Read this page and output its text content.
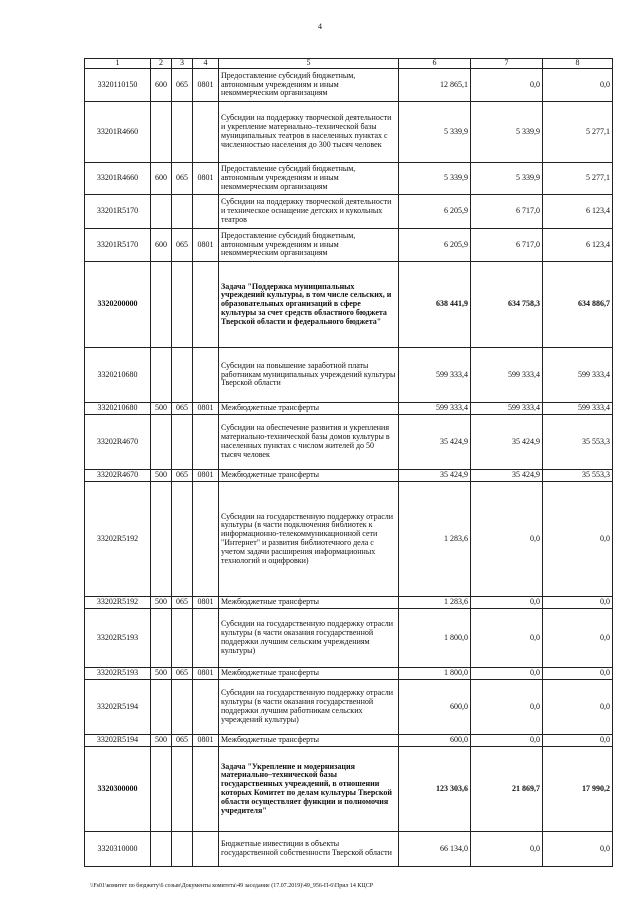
4
1	2	3	4	5	6	7	8
3320110150	600	065	0801	Предоставление субсидий бюджетным, автономным учреждениям и иным некоммерческим организациям	12 865,1	0,0	0,0
33201R4660				Субсидии на поддержку творческой деятельности и укрепление материально–технической базы муниципальных театров в населенных пунктах с численностью населения до 300 тысяч человек	5 339,9	5 339,9	5 277,1
33201R4660	600	065	0801	Предоставление субсидий бюджетным, автономным учреждениям и иным некоммерческим организациям	5 339,9	5 339,9	5 277,1
33201R5170				Субсидии на поддержку творческой деятельности и техническое оснащение детских и кукольных театров	6 205,9	6 717,0	6 123,4
33201R5170	600	065	0801	Предоставление субсидий бюджетным, автономным учреждениям и иным некоммерческим организациям	6 205,9	6 717,0	6 123,4
3320200000				Задача "Поддержка муниципальных учреждений культуры, в том числе сельских, и образовательных организаций в сфере культуры за счет средств областного бюджета Тверской области и федерального бюджета"	638 441,9	634 758,3	634 886,7
3320210680				Субсидии на повышение заработной платы работникам муниципальных учреждений культуры Тверской области	599 333,4	599 333,4	599 333,4
3320210680	500	065	0801	Межбюджетные трансферты	599 333,4	599 333,4	599 333,4
33202R4670				Субсидии на обеспечение развития и укрепления материально-технической базы домов культуры в населенных пунктах с числом жителей до 50 тысяч человек	35 424,9	35 424,9	35 553,3
33202R4670	500	065	0801	Межбюджетные трансферты	35 424,9	35 424,9	35 553,3
33202R5192				Субсидии на государственную поддержку отрасли культуры (в части подключения библиотек к информационно-телекоммуникационной сети "Интернет" и развития библиотечного дела с учетом задачи расширения информационных технологий и оцифровки)	1 283,6	0,0	0,0
33202R5192	500	065	0801	Межбюджетные трансферты	1 283,6	0,0	0,0
33202R5193				Субсидии на государственную поддержку отрасли культуры (в части оказания государственной поддержки лучшим сельским учреждениям культуры)	1 800,0	0,0	0,0
33202R5193	500	065	0801	Межбюджетные трансферты	1 800,0	0,0	0,0
33202R5194				Субсидии на государственную поддержку отрасли культуры (в части оказания государственной поддержки лучшим работникам сельских учреждений культуры)	600,0	0,0	0,0
33202R5194	500	065	0801	Межбюджетные трансферты	600,0	0,0	0,0
3320300000				Задача "Укрепление и модернизация материально–технической базы государственных учреждений, в отношении которых Комитет по делам культуры Тверской области осуществляет функции и полномочия учредителя"	123 303,6	21 869,7	17 990,2
3320310000				Бюджетные инвестиции в объекты государственной собственности Тверской области	66 134,0	0,0	0,0
\\Fs01\комитет по бюджету\6 созыв\Документы комитета\49 заседание (17.07.2019)\49_956-П-6\Прил 14 КЦСР
